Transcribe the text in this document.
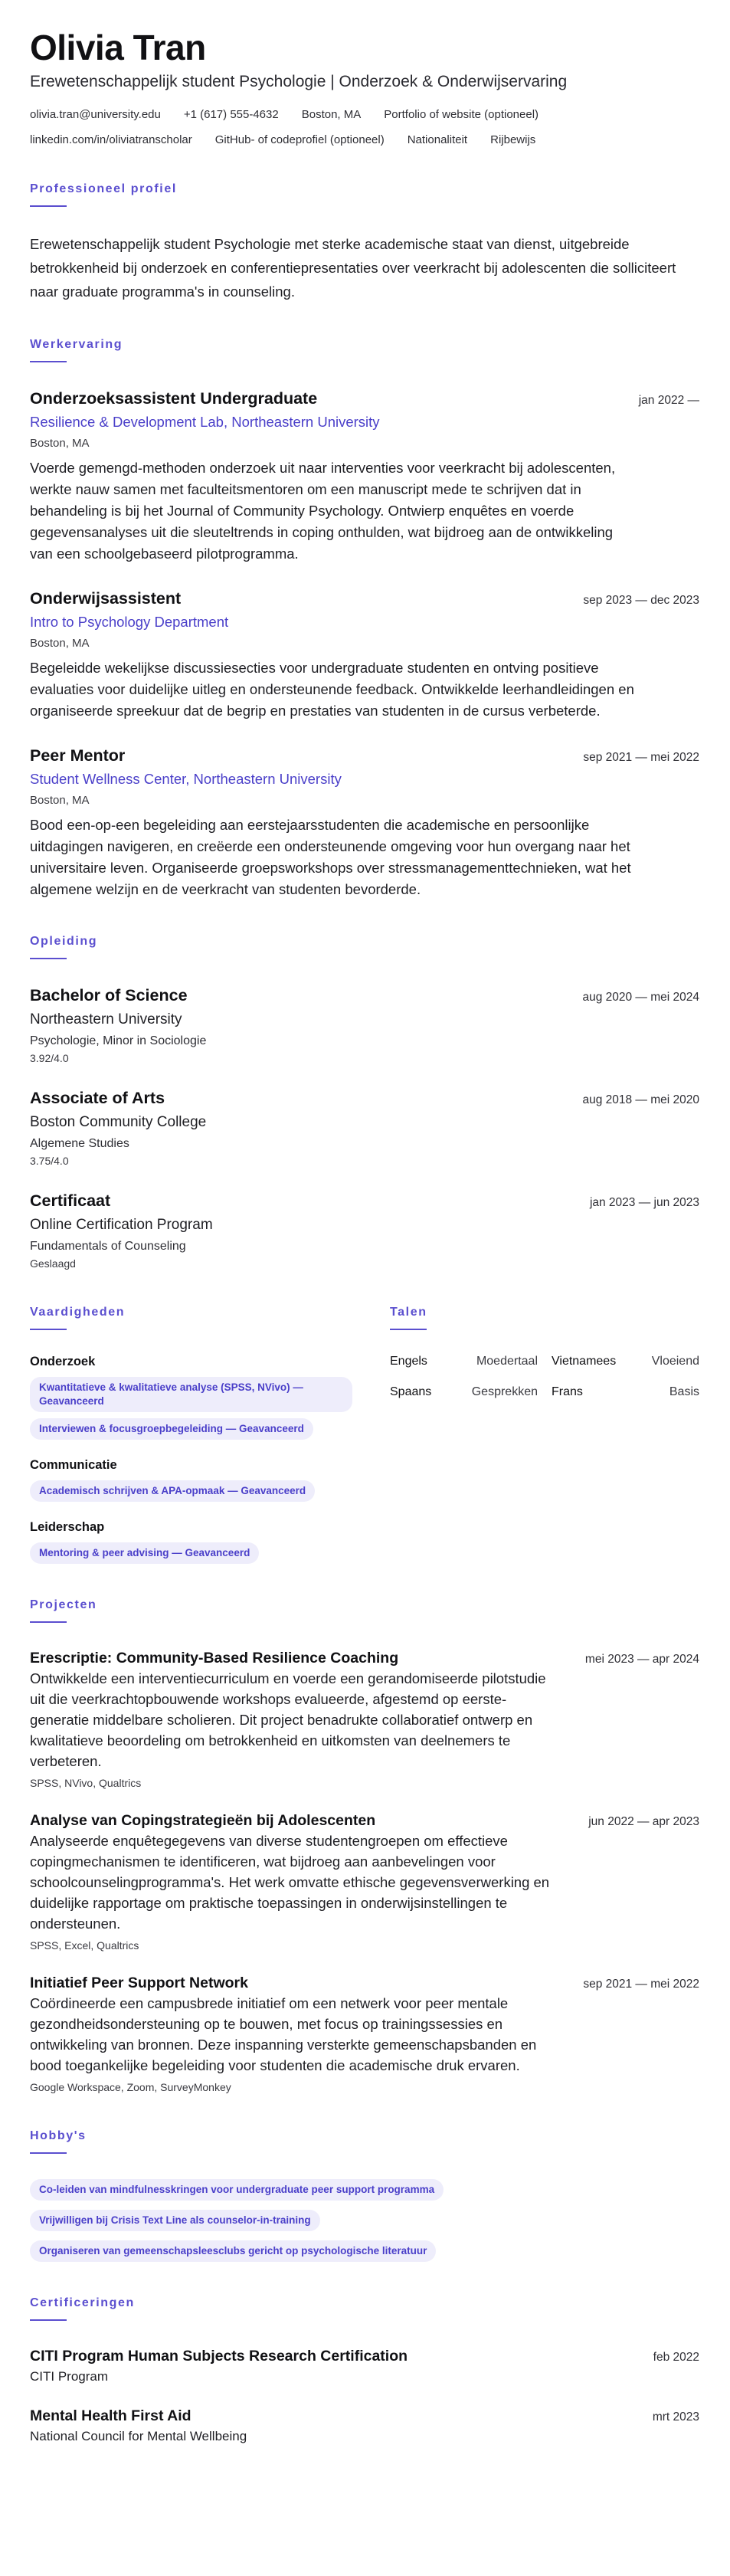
Olivia Tran
Erewetenschappelijk student Psychologie | Onderzoek & Onderwijservaring
olivia.tran@university.edu +1 (617) 555-4632 Boston, MA Portfolio of website (optioneel)
linkedin.com/in/oliviatranscholar GitHub- of codeprofiel (optioneel) Nationaliteit Rijbewijs
Professioneel profiel

Erewetenschappelijk student Psychologie met sterke academische staat van dienst, uitgebreide betrokkenheid bij onderzoek en conferentiepresentaties over veerkracht bij adolescenten die solliciteert naar graduate programma's in counseling.

Werkervaring
Onderzoeksassistent Undergraduate	jan 2022 —
Resilience & Development Lab, Northeastern University
Boston, MA

Voerde gemengd-methoden onderzoek uit naar interventies voor veerkracht bij adolescenten, werkte nauw samen met faculteitsmentoren om een manuscript mede te schrijven dat in behandeling is bij het Journal of Community Psychology. Ontwierp enquêtes en voerde gegevensanalyses uit die sleuteltrends in coping onthulden, wat bijdroeg aan de ontwikkeling van een schoolgebaseerd pilotprogramma.

Onderwijsassistent	sep 2023 — dec 2023
Intro to Psychology Department
Boston, MA

Begeleidde wekelijkse discussiesecties voor undergraduate studenten en ontving positieve evaluaties voor duidelijke uitleg en ondersteunende feedback. Ontwikkelde leerhandleidingen en organiseerde spreekuur dat de begrip en prestaties van studenten in de cursus verbeterde.

Peer Mentor	sep 2021 — mei 2022
Student Wellness Center, Northeastern University
Boston, MA

Bood een-op-een begeleiding aan eerstejaarsstudenten die academische en persoonlijke uitdagingen navigeren, en creëerde een ondersteunende omgeving voor hun overgang naar het universitaire leven. Organiseerde groepsworkshops over stressmanagementtechnieken, wat het algemene welzijn en de veerkracht van studenten bevorderde.

Opleiding
Bachelor of Science	aug 2020 — mei 2024
Northeastern University
Psychologie, Minor in Sociologie
3.92/4.0
Associate of Arts	aug 2018 — mei 2020
Boston Community College
Algemene Studies
3.75/4.0
Certificaat	jan 2023 — jun 2023
Online Certification Program
Fundamentals of Counseling
Geslaagd
Vaardigheden
Onderzoek
Kwantitatieve & kwalitatieve analyse (SPSS, NVivo) — Geavanceerd
Interviewen & focusgroepbegeleiding — Geavanceerd
Communicatie
Academisch schrijven & APA-opmaak — Geavanceerd
Leiderschap
Mentoring & peer advising — Geavanceerd
Talen
Engels	Moedertaal Vietnamees	Vloeiend
Spaans	Gesprekken Frans	Basis
Projecten
Erescriptie: Community-Based Resilience Coaching	mei 2023 — apr 2024

Ontwikkelde een interventiecurriculum en voerde een gerandomiseerde pilotstudie uit die veerkrachtopbouwende workshops evalueerde, afgestemd op eerste-generatie middelbare scholieren. Dit project benadrukte collaboratief ontwerp en kwalitatieve beoordeling om betrokkenheid en uitkomsten van deelnemers te verbeteren.

SPSS, NVivo, Qualtrics
Analyse van Copingstrategieën bij Adolescenten	jun 2022 — apr 2023

Analyseerde enquêtegegevens van diverse studentengroepen om effectieve copingmechanismen te identificeren, wat bijdroeg aan aanbevelingen voor schoolcounselingprogramma's. Het werk omvatte ethische gegevensverwerking en duidelijke rapportage om praktische toepassingen in onderwijsinstellingen te ondersteunen.

SPSS, Excel, Qualtrics
Initiatief Peer Support Network	sep 2021 — mei 2022

Coördineerde een campusbrede initiatief om een netwerk voor peer mentale gezondheidsondersteuning op te bouwen, met focus op trainingssessies en ontwikkeling van bronnen. Deze inspanning versterkte gemeenschapsbanden en bood toegankelijke begeleiding voor studenten die academische druk ervaren.

Google Workspace, Zoom, SurveyMonkey
Hobby's
Co-leiden van mindfulnesskringen voor undergraduate peer support programma
Vrijwilligen bij Crisis Text Line als counselor-in-training
Organiseren van gemeenschapsleesclubs gericht op psychologische literatuur
Certificeringen
CITI Program Human Subjects Research Certification	feb 2022
CITI Program
Mental Health First Aid	mrt 2023
National Council for Mental Wellbeing
